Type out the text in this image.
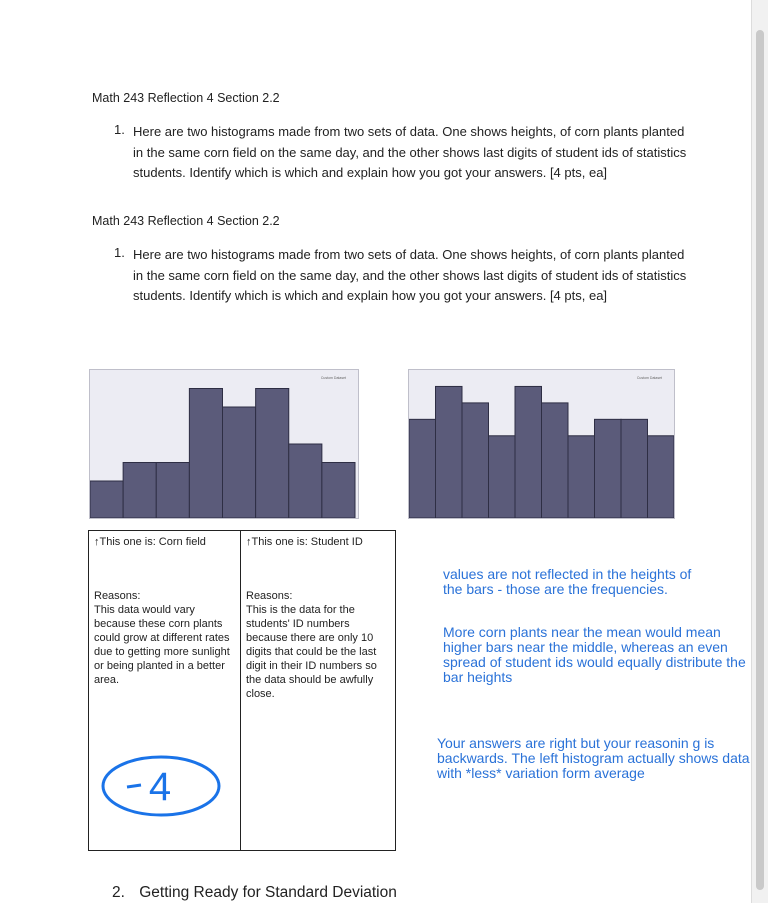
Math 243 Reflection 4 Section 2.2
1. Here are two histograms made from two sets of data. One shows heights, of corn plants planted in the same corn field on the same day, and the other shows last digits of student ids of statistics students. Identify which is which and explain how you got your answers. [4 pts, ea]
Math 243 Reflection 4 Section 2.2
1. Here are two histograms made from two sets of data. One shows heights, of corn plants planted in the same corn field on the same day, and the other shows last digits of student ids of statistics students. Identify which is which and explain how you got your answers. [4 pts, ea]
Custom Dataset	Custom Dataset
↑This one is: Corn field
Reasons:
This data would vary because these corn plants could grow at different rates due to getting more sunlight or being planted in a better area.
4
↑This one is: Student ID
Reasons:
This is the data for the students' ID numbers because there are only 10 digits that could be the last digit in their ID numbers so the data should be awfully close.
values are not reflected in the heights of
the bars - those are the frequencies.
More corn plants near the mean would mean higher bars near the middle, whereas an even spread of student ids would equally distribute the bar heights
Your answers are right but your reasonin g is backwards. The left histogram actually shows data with *less* variation form average
2. Getting Ready for Standard Deviation
